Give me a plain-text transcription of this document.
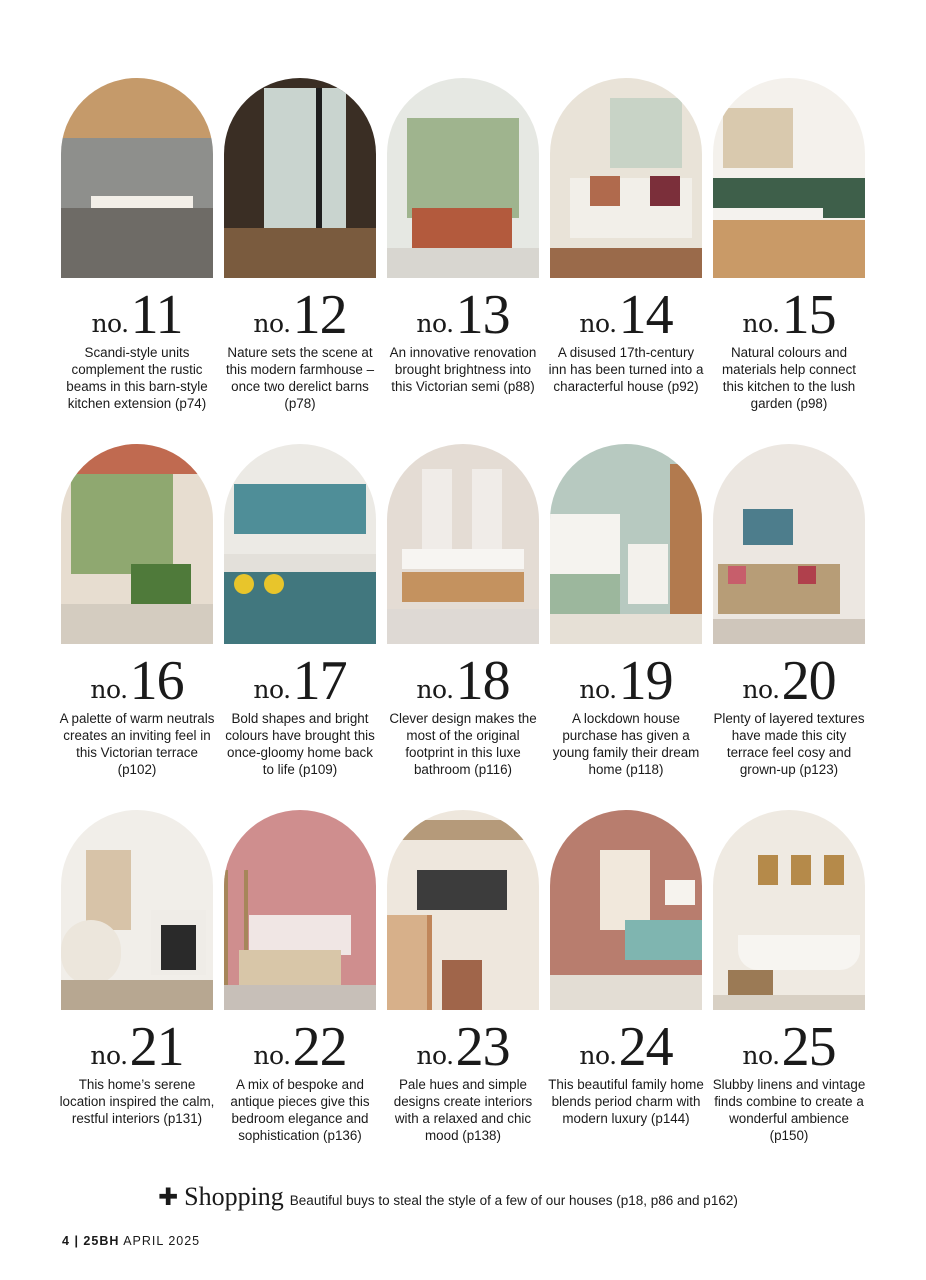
no. 11
Scandi-style units complement the rustic beams in this barn-style kitchen extension (p74)
no. 12
Nature sets the scene at this modern farmhouse – once two derelict barns (p78)
no. 13
An innovative renovation brought brightness into this Victorian semi (p88)
no. 14
A disused 17th-century inn has been turned into a characterful house (p92)
no. 15
Natural colours and materials help connect this kitchen to the lush garden (p98)
no. 16
A palette of warm neutrals creates an inviting feel in this Victorian terrace (p102)
no. 17
Bold shapes and bright colours have brought this once-gloomy home back to life (p109)
no. 18
Clever design makes the most of the original footprint in this luxe bathroom (p116)
no. 19
A lockdown house purchase has given a young family their dream home (p118)
no. 20
Plenty of layered textures have made this city terrace feel cosy and grown-up (p123)
no. 21
This home’s serene location inspired the calm, restful interiors (p131)
no. 22
A mix of bespoke and antique pieces give this bedroom elegance and sophistication (p136)
no. 23
Pale hues and simple designs create interiors with a relaxed and chic mood (p138)
no. 24
This beautiful family home blends period charm with modern luxury (p144)
no. 25
Slubby linens and vintage finds combine to create a wonderful ambience (p150)
✚ Shopping Beautiful buys to steal the style of a few of our houses (p18, p86 and p162)
4 | 25BH APRIL 2025
